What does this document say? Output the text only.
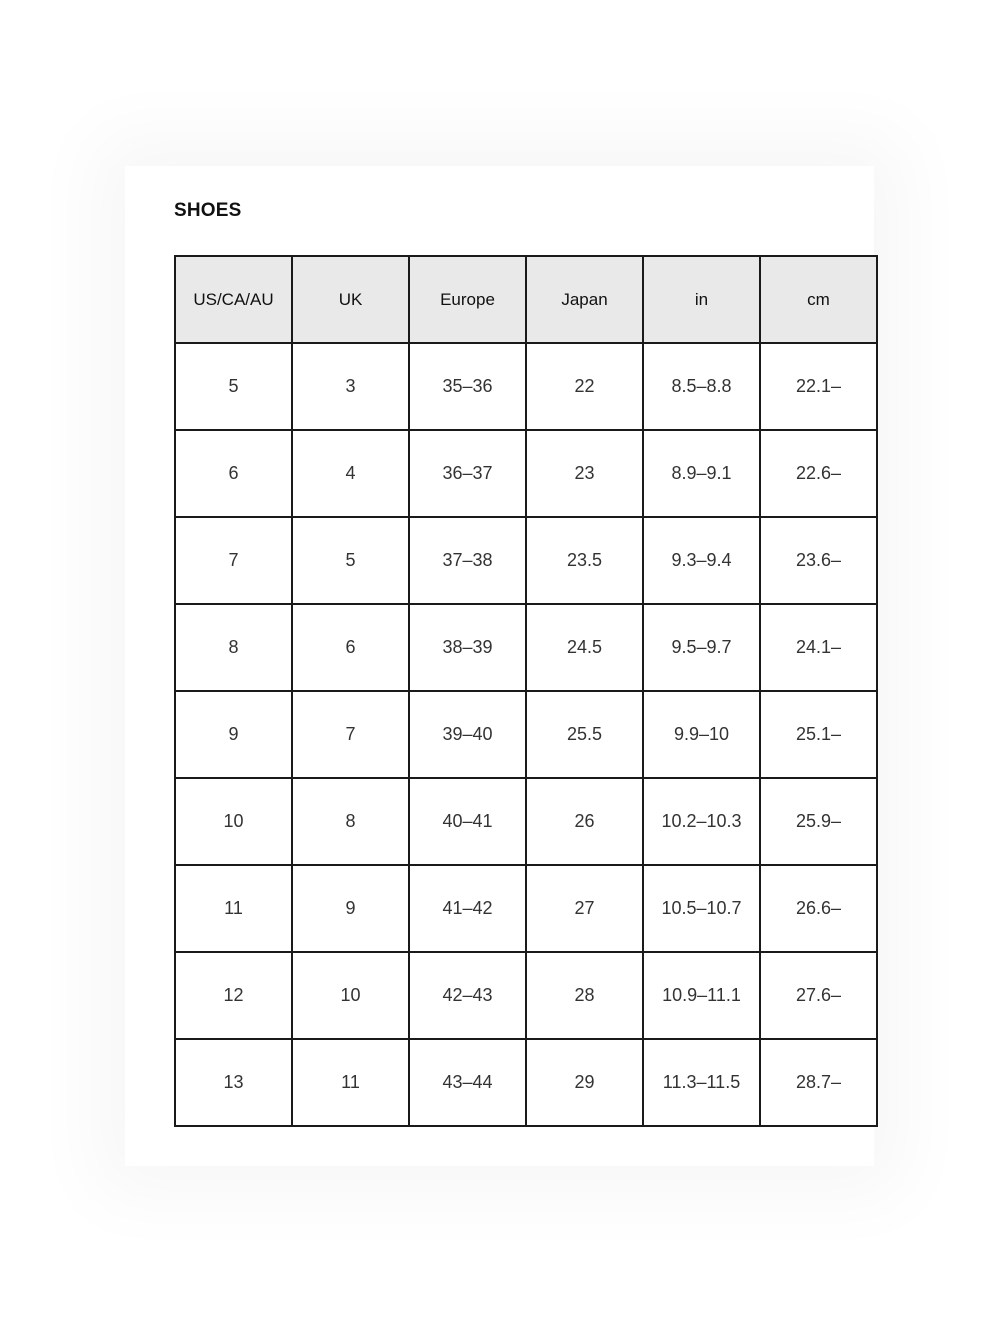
SHOES
US/CA/AU	UK	Europe	Japan	in	cm
5	3	35–36	22	8.5–8.8	22.1–
6	4	36–37	23	8.9–9.1	22.6–
7	5	37–38	23.5	9.3–9.4	23.6–
8	6	38–39	24.5	9.5–9.7	24.1–
9	7	39–40	25.5	9.9–10	25.1–
10	8	40–41	26	10.2–10.3	25.9–
11	9	41–42	27	10.5–10.7	26.6–
12	10	42–43	28	10.9–11.1	27.6–
13	11	43–44	29	11.3–11.5	28.7–
